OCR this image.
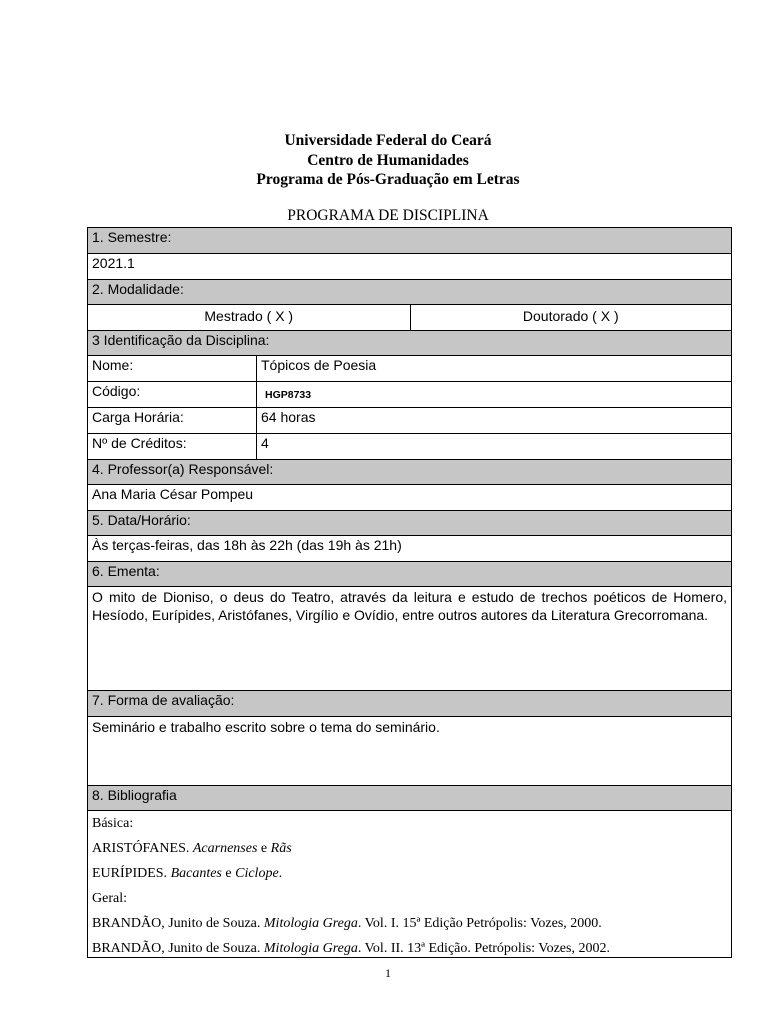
Universidade Federal do Ceará
Centro de Humanidades
Programa de Pós-Graduação em Letras
PROGRAMA DE DISCIPLINA
1. Semestre:
2021.1
2. Modalidade:
Mestrado ( X )	Doutorado ( X )
3 Identificação da Disciplina:
Nome:	Tópicos de Poesia
Código:	HGP8733
Carga Horária:	64 horas
Nº de Créditos:	4
4. Professor(a) Responsável:
Ana Maria César Pompeu
5. Data/Horário:
Às terças-feiras, das 18h às 22h (das 19h às 21h)
6. Ementa:
O mito de Dioniso, o deus do Teatro, através da leitura e estudo de trechos poéticos de Homero, Hesíodo, Eurípides, Aristófanes, Virgílio e Ovídio, entre outros autores da Literatura Grecorromana.
7. Forma de avaliação:
Seminário e trabalho escrito sobre o tema do seminário.
8. Bibliografia

Básica:

ARISTÓFANES. Acarnenses e Rãs

EURÍPIDES. Bacantes e Ciclope.

Geral:

BRANDÃO, Junito de Souza. Mitologia Grega. Vol. I. 15ª Edição Petrópolis: Vozes, 2000.

BRANDÃO, Junito de Souza. Mitologia Grega. Vol. II. 13ª Edição. Petrópolis: Vozes, 2002.

1
